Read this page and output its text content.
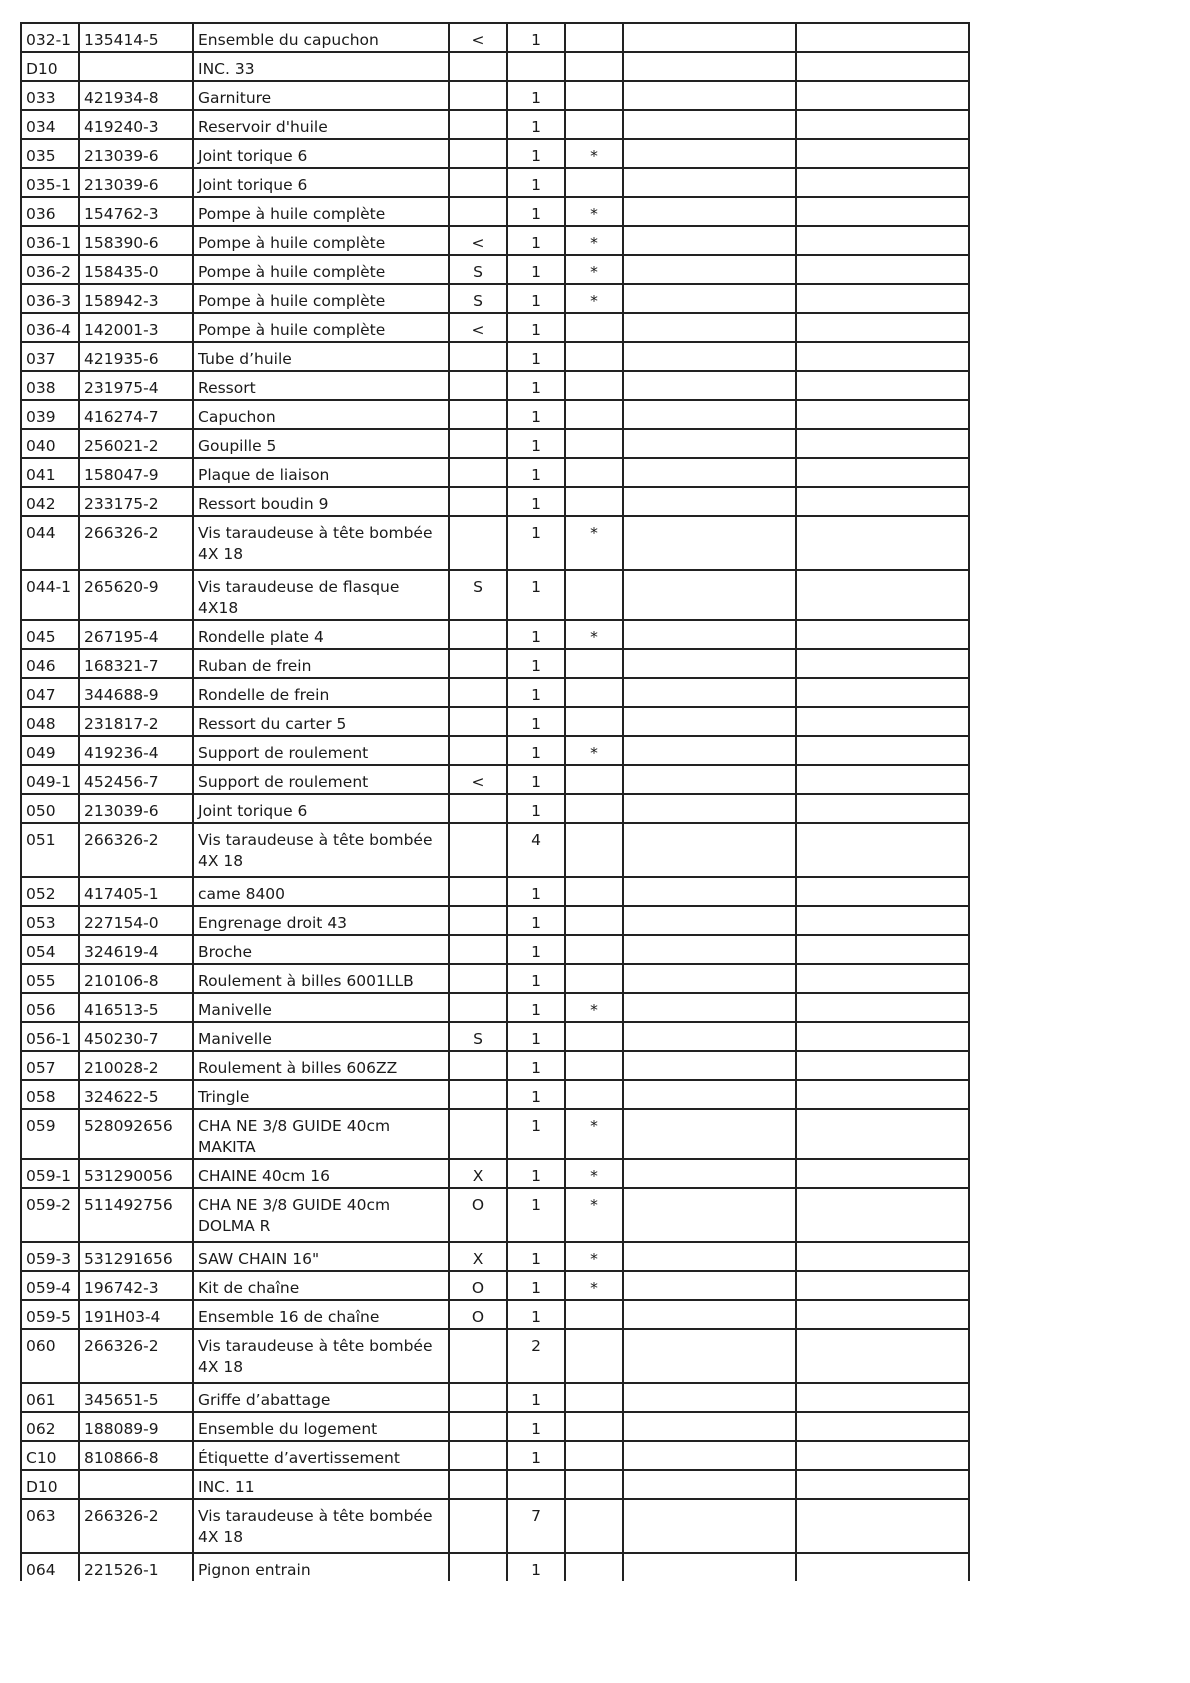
032-1	135414-5	Ensemble du capuchon	<	1			
D10		INC. 33					
033	421934-8	Garniture		1			
034	419240-3	Reservoir d'huile		1			
035	213039-6	Joint torique 6		1	*		
035-1	213039-6	Joint torique 6		1			
036	154762-3	Pompe à huile complète		1	*		
036-1	158390-6	Pompe à huile complète	<	1	*		
036-2	158435-0	Pompe à huile complète	S	1	*		
036-3	158942-3	Pompe à huile complète	S	1	*		
036-4	142001-3	Pompe à huile complète	<	1			
037	421935-6	Tube d’huile		1			
038	231975-4	Ressort		1			
039	416274-7	Capuchon		1			
040	256021-2	Goupille 5		1			
041	158047-9	Plaque de liaison		1			
042	233175-2	Ressort boudin 9		1			
044	266326-2	Vis taraudeuse à tête bombée 4X 18		1	*		
044-1	265620-9	Vis taraudeuse de flasque 4X18	S	1			
045	267195-4	Rondelle plate 4		1	*		
046	168321-7	Ruban de frein		1			
047	344688-9	Rondelle de frein		1			
048	231817-2	Ressort du carter 5		1			
049	419236-4	Support de roulement		1	*		
049-1	452456-7	Support de roulement	<	1			
050	213039-6	Joint torique 6		1			
051	266326-2	Vis taraudeuse à tête bombée 4X 18		4			
052	417405-1	came 8400		1			
053	227154-0	Engrenage droit 43		1			
054	324619-4	Broche		1			
055	210106-8	Roulement à billes 6001LLB		1			
056	416513-5	Manivelle		1	*		
056-1	450230-7	Manivelle	S	1			
057	210028-2	Roulement à billes 606ZZ		1			
058	324622-5	Tringle		1			
059	528092656	CHA NE 3/8 GUIDE 40cm MAKITA		1	*		
059-1	531290056	CHAINE 40cm 16	X	1	*		
059-2	511492756	CHA NE 3/8 GUIDE 40cm DOLMA R	O	1	*		
059-3	531291656	SAW CHAIN 16"	X	1	*		
059-4	196742-3	Kit de chaîne	O	1	*		
059-5	191H03-4	Ensemble 16 de chaîne	O	1			
060	266326-2	Vis taraudeuse à tête bombée 4X 18		2			
061	345651-5	Griffe d’abattage		1			
062	188089-9	Ensemble du logement		1			
C10	810866-8	Étiquette d’avertissement		1			
D10		INC. 11					
063	266326-2	Vis taraudeuse à tête bombée 4X 18		7			
064	221526-1	Pignon entrain		1			
